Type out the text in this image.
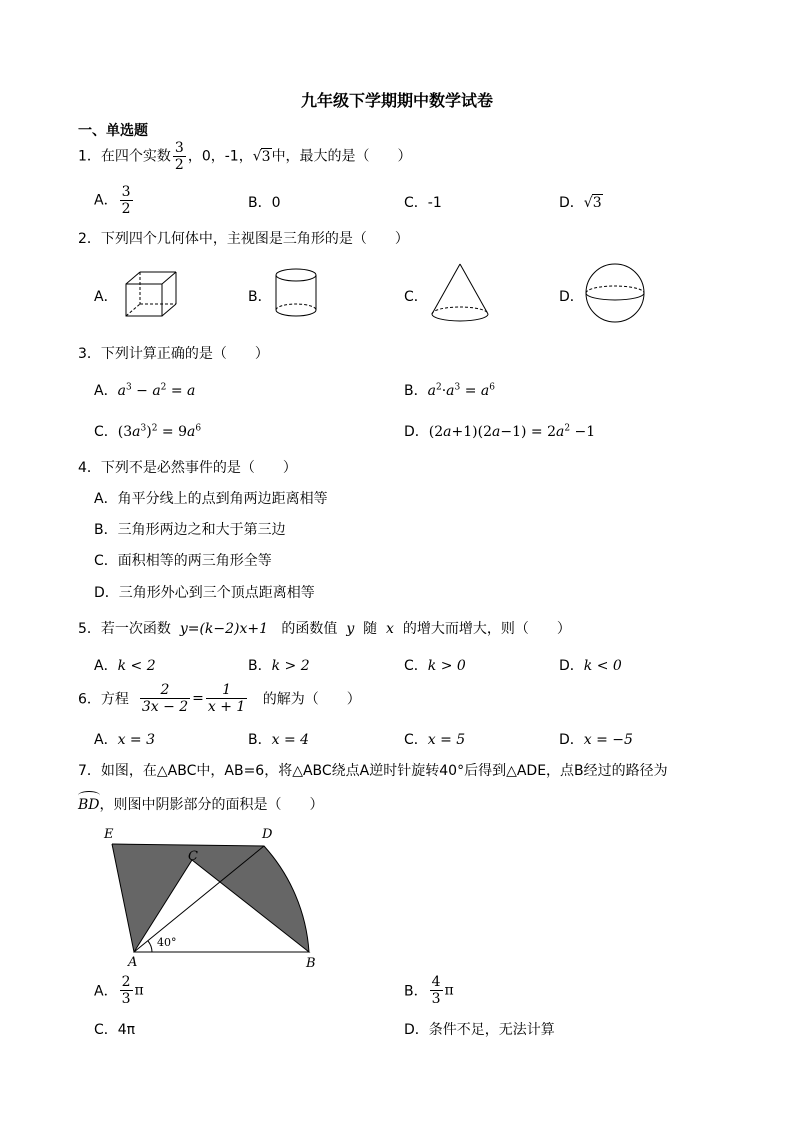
九年级下学期期中数学试卷
一、单选题
1．在四个实数 $\frac{3}{2}$ ，0，-1，√3中，最大的是（　　）
A． $\frac{3}{2}$	B．0	C．-1	D．√3
2．下列四个几何体中，主视图是三角形的是（　　）
A．	B．	C．	D．
3．下列计算正确的是（　　）
A．$a^3 - a^2 = a$	B．$a^2\cdot a^3 = a^6$
C．$(3a^3)^2 = 9a^6$	D．$(2a+1)(2a-1) = 2a^2 -1$
4．下列不是必然事件的是（　　）
A．角平分线上的点到角两边距离相等
B．三角形两边之和大于第三边
C．面积相等的两三角形全等
D．三角形外心到三个顶点距离相等
5．若一次函数 y=(k−2)x+1 的函数值 y 随 x 的增大而增大，则（　　）
A．k < 2	B．k > 2	C．k > 0	D．k < 0
6．方程 $\frac{2}{3x - 2} = \frac{1}{x + 1}$ 的解为（　　）
A．x = 3	B．x = 4	C．x = 5	D．x = −5
7．如图，在△ABC中，AB=6，将△ABC绕点A逆时针旋转40°后得到△ADE，点B经过的路径为
BD，则图中阴影部分的面积是（　　）
E	D
C
A	B
40°
A． $\frac{2}{3}$ π	B． $\frac{4}{3}$ π
C．4π	D．条件不足，无法计算
